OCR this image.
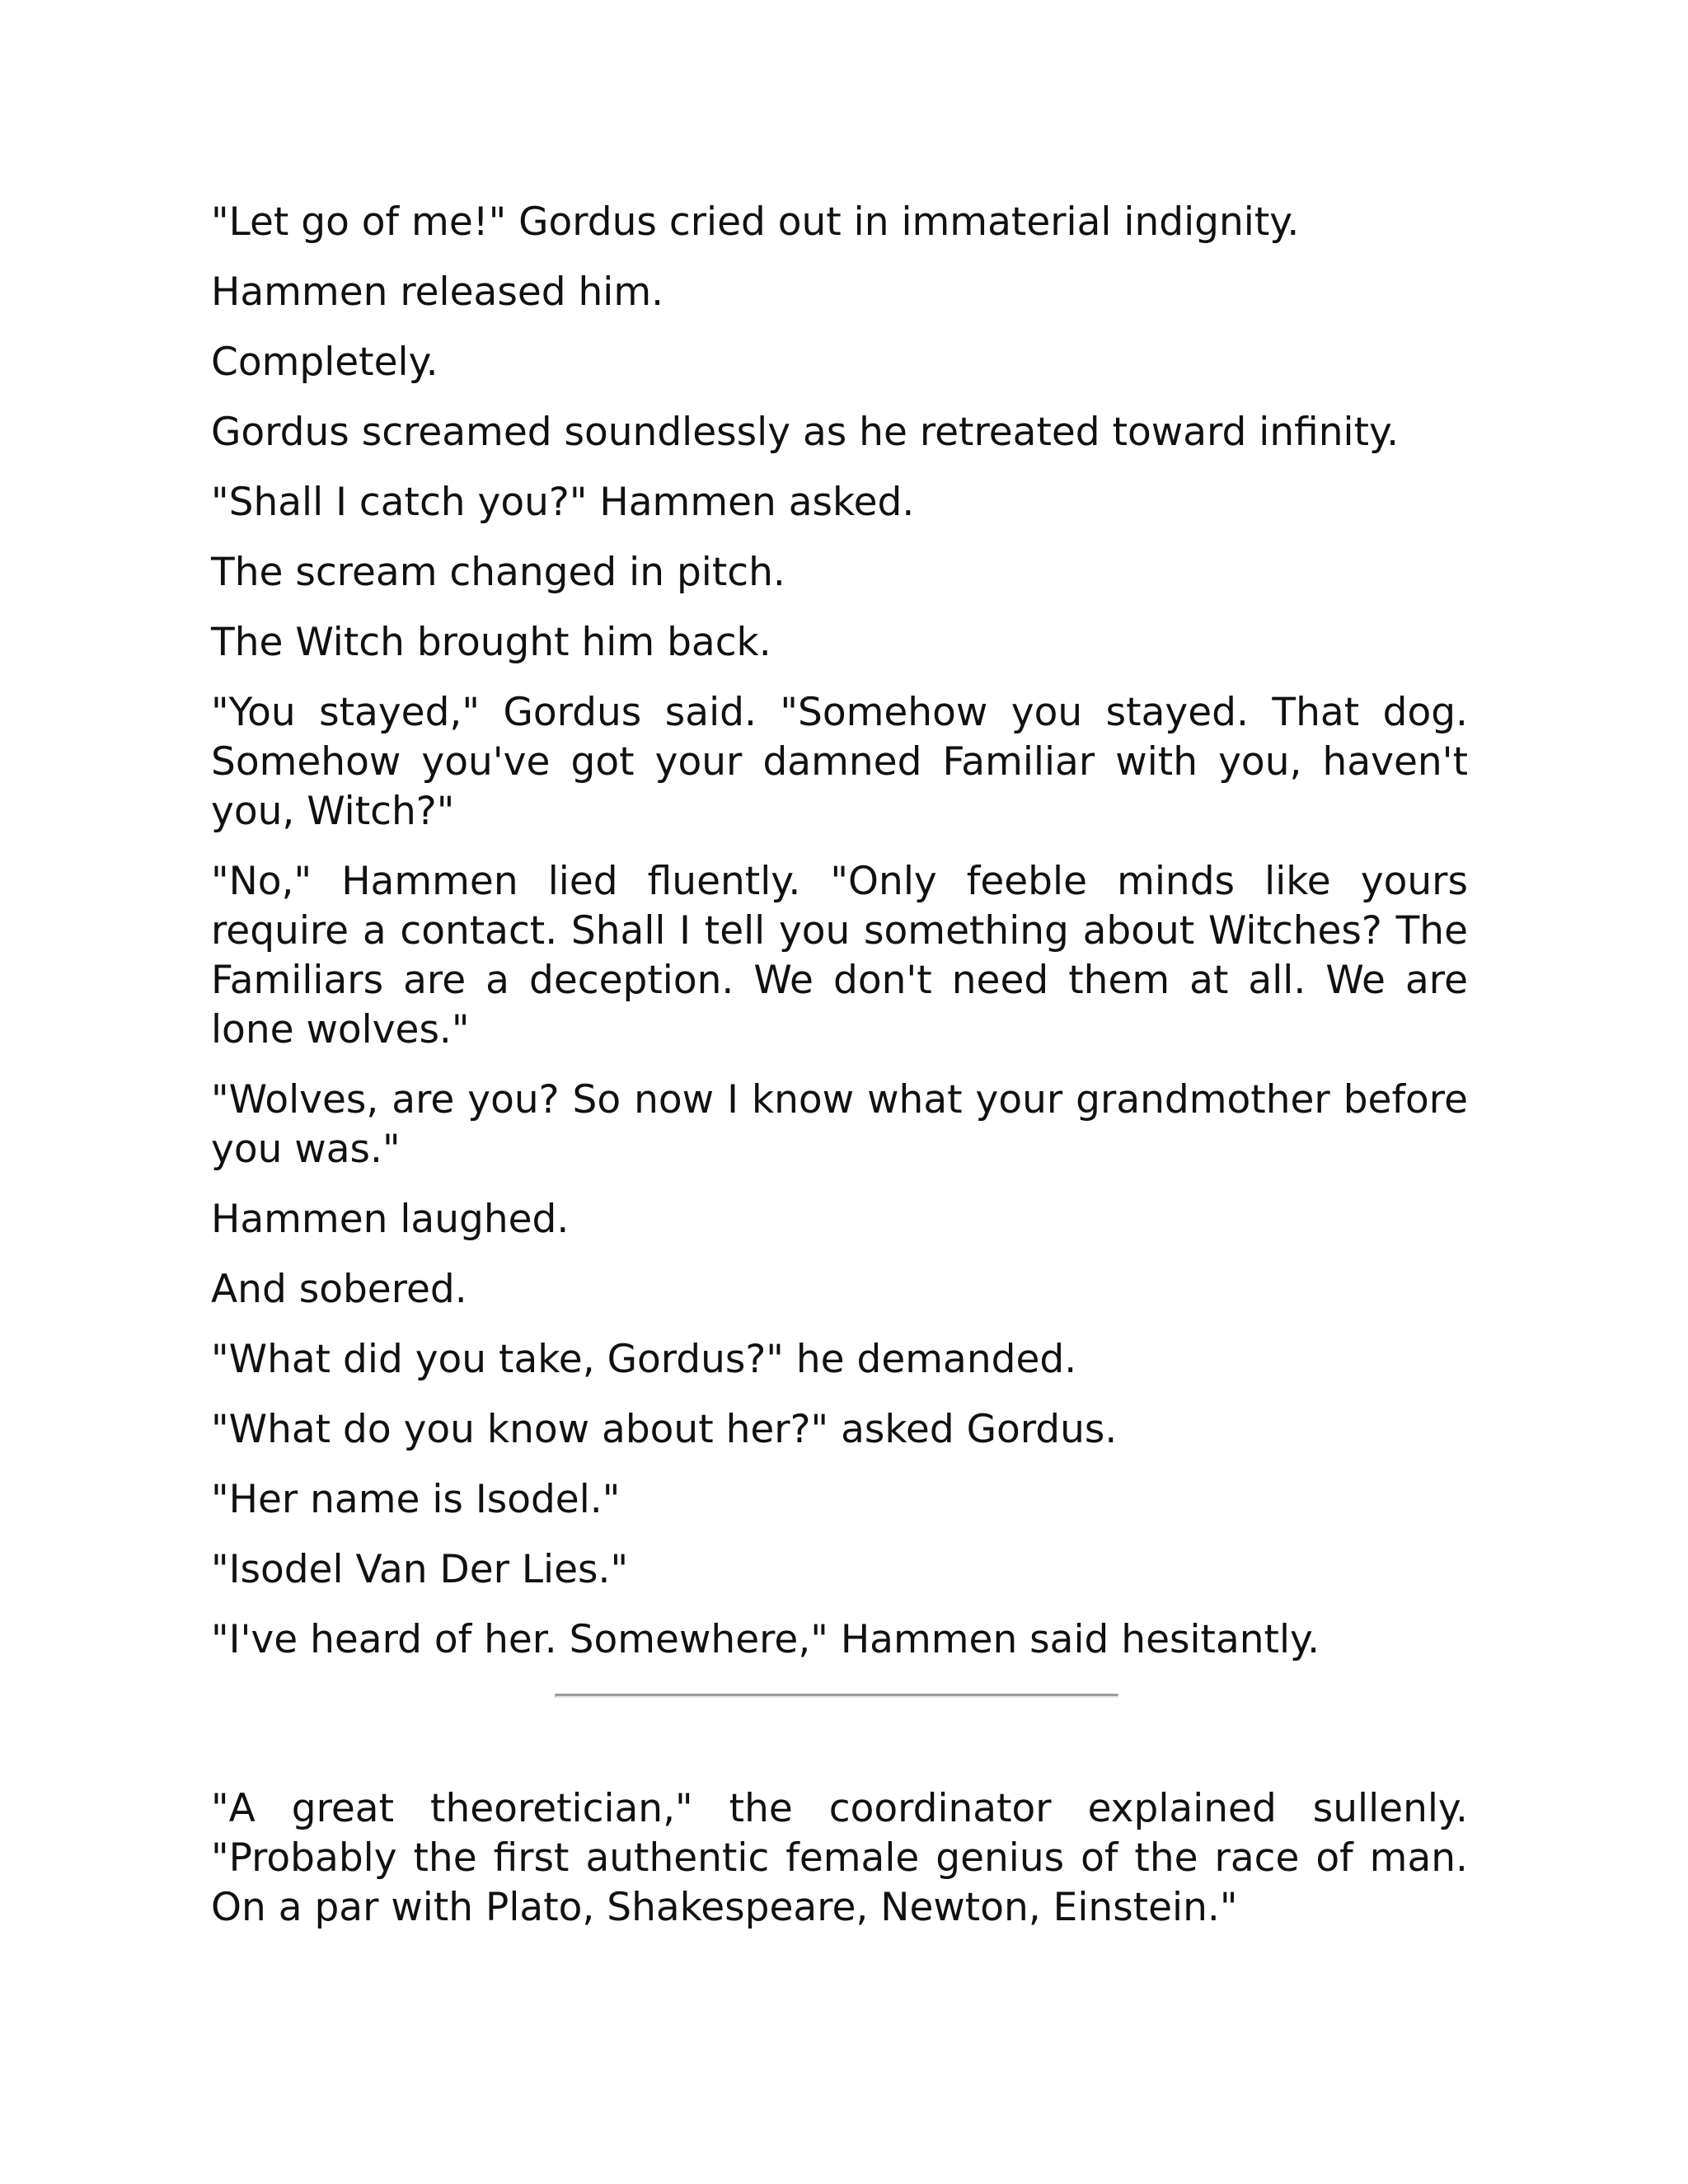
"Let go of me!" Gordus cried out in immaterial indignity.

Hammen released him.

Completely.

Gordus screamed soundlessly as he retreated toward infinity.

"Shall I catch you?" Hammen asked.

The scream changed in pitch.

The Witch brought him back.

"You stayed," Gordus said. "Somehow you stayed. That dog. Somehow you've got your damned Familiar with you, haven't you, Witch?"

"No," Hammen lied fluently. "Only feeble minds like yours require a contact. Shall I tell you something about Witches? The Familiars are a deception. We don't need them at all. We are lone wolves."

"Wolves, are you? So now I know what your grandmother before you was."

Hammen laughed.

And sobered.

"What did you take, Gordus?" he demanded.

"What do you know about her?" asked Gordus.

"Her name is Isodel."

"Isodel Van Der Lies."

"I've heard of her. Somewhere," Hammen said hesitantly.

"A great theoretician," the coordinator explained sullenly. "Probably the first authentic female genius of the race of man. On a par with Plato, Shakespeare, Newton, Einstein."
